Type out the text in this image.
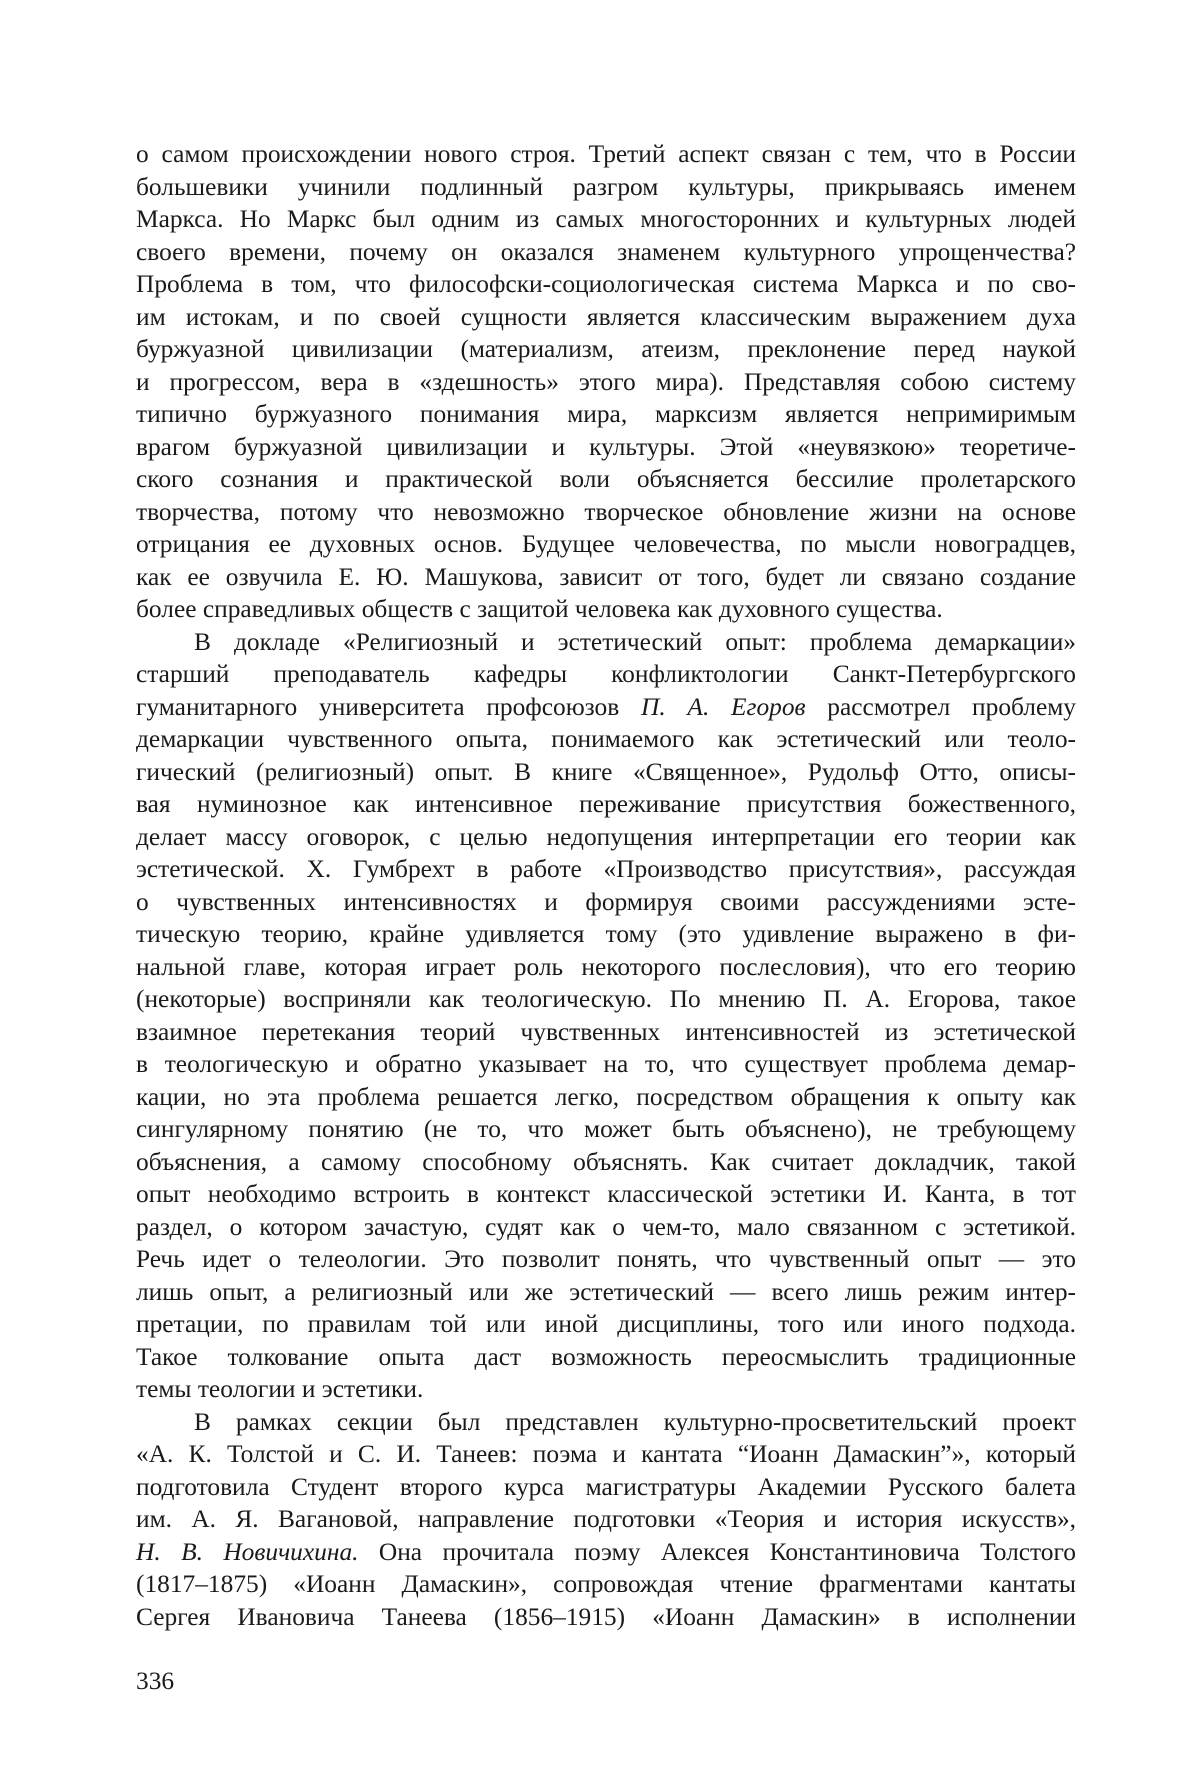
о самом происхождении нового строя. Третий аспект связан с тем, что в России
большевики учинили подлинный разгром культуры, прикрываясь именем
Маркса. Но Маркс был одним из самых многосторонних и культурных людей
своего времени, почему он оказался знаменем культурного упрощенчества?
Проблема в том, что философски-социологическая система Маркса и по сво-
им истокам, и по своей сущности является классическим выражением духа
буржуазной цивилизации (материализм, атеизм, преклонение перед наукой
и прогрессом, вера в «здешность» этого мира). Представляя собою систему
типично буржуазного понимания мира, марксизм является непримиримым
врагом буржуазной цивилизации и культуры. Этой «неувязкою» теоретиче-
ского сознания и практической воли объясняется бессилие пролетарского
творчества, потому что невозможно творческое обновление жизни на основе
отрицания ее духовных основ. Будущее человечества, по мысли новоградцев,
как ее озвучила Е. Ю. Машукова, зависит от того, будет ли связано создание
более справедливых обществ с защитой человека как духовного существа.

В докладе «Религиозный и эстетический опыт: проблема демаркации»
старший преподаватель кафедры конфликтологии Санкт-Петербургского
гуманитарного университета профсоюзов П. А. Егоров рассмотрел проблему
демаркации чувственного опыта, понимаемого как эстетический или теоло-
гический (религиозный) опыт. В книге «Священное», Рудольф Отто, описы-
вая нуминозное как интенсивное переживание присутствия божественного,
делает массу оговорок, с целью недопущения интерпретации его теории как
эстетической. Х. Гумбрехт в работе «Производство присутствия», рассуждая
о чувственных интенсивностях и формируя своими рассуждениями эсте-
тическую теорию, крайне удивляется тому (это удивление выражено в фи-
нальной главе, которая играет роль некоторого послесловия), что его теорию
(некоторые) восприняли как теологическую. По мнению П. А. Егорова, такое
взаимное перетекания теорий чувственных интенсивностей из эстетической
в теологическую и обратно указывает на то, что существует проблема демар-
кации, но эта проблема решается легко, посредством обращения к опыту как
сингулярному понятию (не то, что может быть объяснено), не требующему
объяснения, а самому способному объяснять. Как считает докладчик, такой
опыт необходимо встроить в контекст классической эстетики И. Канта, в тот
раздел, о котором зачастую, судят как о чем-то, мало связанном с эстетикой.
Речь идет о телеологии. Это позволит понять, что чувственный опыт — это
лишь опыт, а религиозный или же эстетический — всего лишь режим интер-
претации, по правилам той или иной дисциплины, того или иного подхода.
Такое толкование опыта даст возможность переосмыслить традиционные
темы теологии и эстетики.

В рамках секции был представлен культурно-просветительский проект
«А. К. Толстой и С. И. Танеев: поэма и кантата “Иоанн Дамаскин”», который
подготовила Студент второго курса магистратуры Академии Русского балета
им. А. Я. Вагановой, направление подготовки «Теория и история искусств»,
Н. В. Новичихина. Она прочитала поэму Алексея Константиновича Толстого
(1817–1875) «Иоанн Дамаскин», сопровождая чтение фрагментами кантаты
Сергея Ивановича Танеева (1856–1915) «Иоанн Дамаскин» в исполнении

336
